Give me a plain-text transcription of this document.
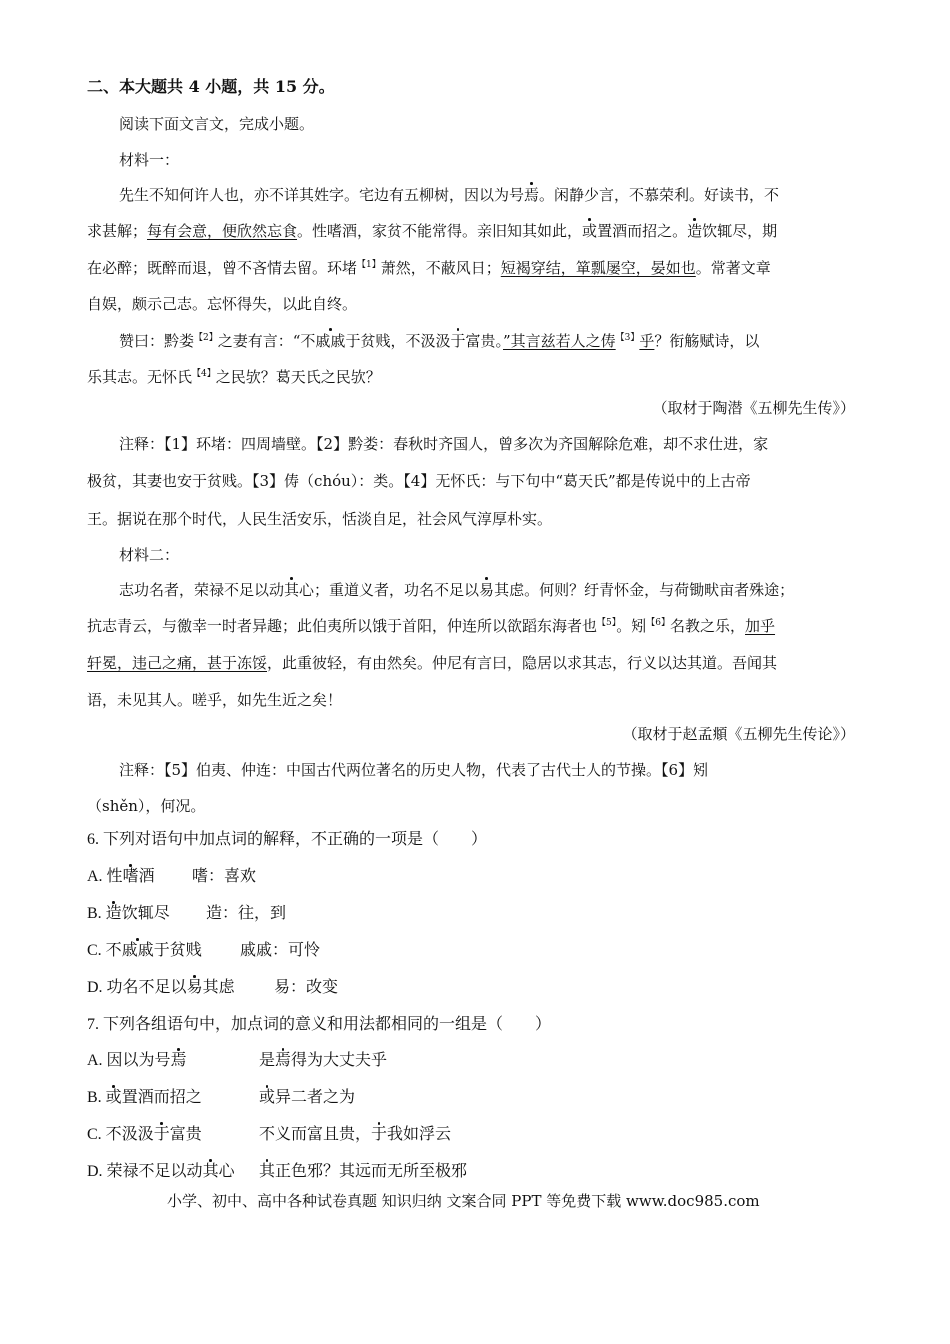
二、本大题共 4 小题，共 15 分。
阅读下面文言文，完成小题。
材料一：
先生不知何许人也，亦不详其姓字。宅边有五柳树，因以为号焉。闲静少言，不慕荣利。好读书，不
求甚解；每有会意，便欣然忘食。性嗜酒，家贫不能常得。亲旧知其如此，或置酒而招之。造饮辄尽，期
在必醉；既醉而退，曾不吝情去留。环堵$^{【1】}$萧然，不蔽风日；短褐穿结，箪瓢屡空，晏如也。常著文章
自娱，颇示己志。忘怀得失，以此自终。
赞曰：黔娄$^{【2】}$之妻有言：“不戚戚于贫贱，不汲汲于富贵。”其言兹若人之俦$^{【3】}$乎？衔觞赋诗，以
乐其志。无怀氏$^{【4】}$之民欤？葛天氏之民欤？
（取材于陶潜《五柳先生传》）
注释：【1】环堵：四周墙壁。【2】黔娄：春秋时齐国人，曾多次为齐国解除危难，却不求仕进，家
极贫，其妻也安于贫贱。【3】俦（chóu）：类。【4】无怀氏：与下句中“葛天氏”都是传说中的上古帝
王。据说在那个时代，人民生活安乐，恬淡自足，社会风气淳厚朴实。
材料二：
志功名者，荣禄不足以动其心；重道义者，功名不足以易其虑。何则？纡青怀金，与荷锄畎亩者殊途；
抗志青云，与徼幸一时者异趣；此伯夷所以饿于首阳，仲连所以欲蹈东海者也$^{【5】}$。矧$^{【6】}$名教之乐，加乎
轩冕，违己之痛，甚于冻馁，此重彼轻，有由然矣。仲尼有言曰，隐居以求其志，行义以达其道。吾闻其
语，未见其人。嗟乎，如先生近之矣！
（取材于赵孟頫《五柳先生传论》）
注释：【5】伯夷、仲连：中国古代两位著名的历史人物，代表了古代士人的节操。【6】矧
（shěn），何况。
6. 下列对语句中加点词的解释，不正确的一项是（　　）
A. 性嗜酒 嗜：喜欢
B. 造饮辄尽 造：往，到
C. 不戚戚于贫贱 戚戚：可怜
D. 功名不足以易其虑 易：改变
7. 下列各组语句中，加点词的意义和用法都相同的一组是（　　）
A. 因以为号焉	是焉得为大丈夫乎
B. 或置酒而招之	或异二者之为
C. 不汲汲于富贵	不义而富且贵，于我如浮云
D. 荣禄不足以动其心 其正色邪？其远而无所至极邪
小学、初中、高中各种试卷真题 知识归纳 文案合同 PPT 等免费下载 www.doc985.com
